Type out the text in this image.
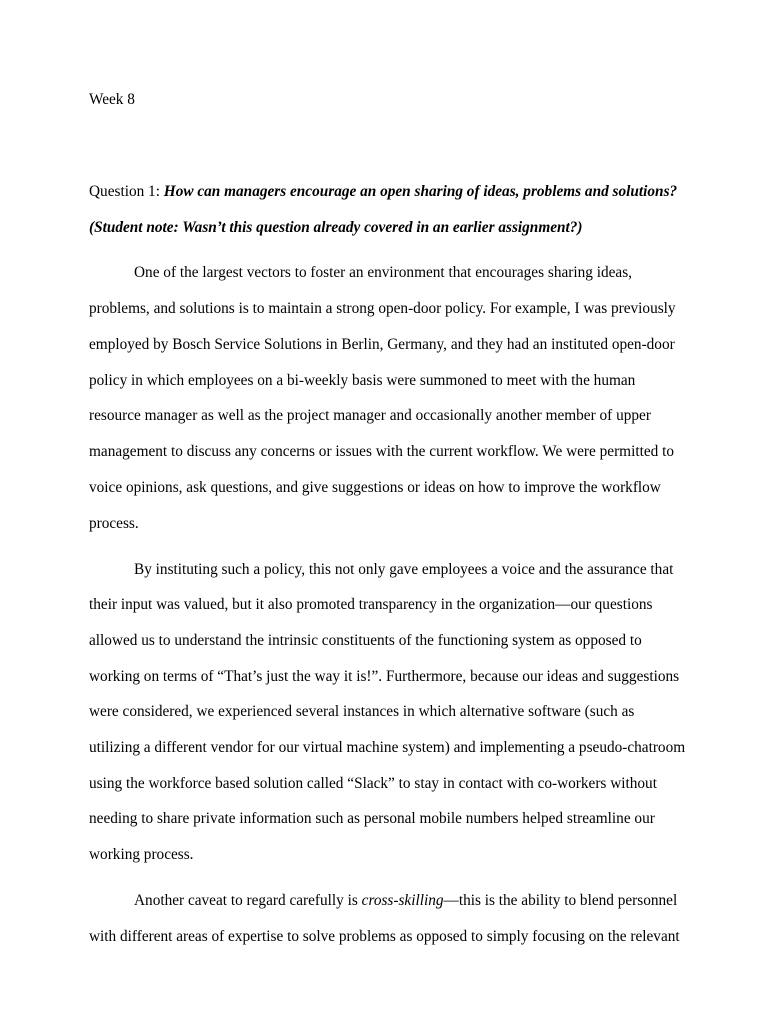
Week 8
Question 1: How can managers encourage an open sharing of ideas, problems and solutions?
(Student note: Wasn’t this question already covered in an earlier assignment?)
One of the largest vectors to foster an environment that encourages sharing ideas,
problems, and solutions is to maintain a strong open-door policy. For example, I was previously
employed by Bosch Service Solutions in Berlin, Germany, and they had an instituted open-door
policy in which employees on a bi-weekly basis were summoned to meet with the human
resource manager as well as the project manager and occasionally another member of upper
management to discuss any concerns or issues with the current workflow. We were permitted to
voice opinions, ask questions, and give suggestions or ideas on how to improve the workflow
process.
By instituting such a policy, this not only gave employees a voice and the assurance that
their input was valued, but it also promoted transparency in the organization—our questions
allowed us to understand the intrinsic constituents of the functioning system as opposed to
working on terms of “That’s just the way it is!”. Furthermore, because our ideas and suggestions
were considered, we experienced several instances in which alternative software (such as
utilizing a different vendor for our virtual machine system) and implementing a pseudo-chatroom
using the workforce based solution called “Slack” to stay in contact with co-workers without
needing to share private information such as personal mobile numbers helped streamline our
working process.
Another caveat to regard carefully is cross-skilling—this is the ability to blend personnel
with different areas of expertise to solve problems as opposed to simply focusing on the relevant
